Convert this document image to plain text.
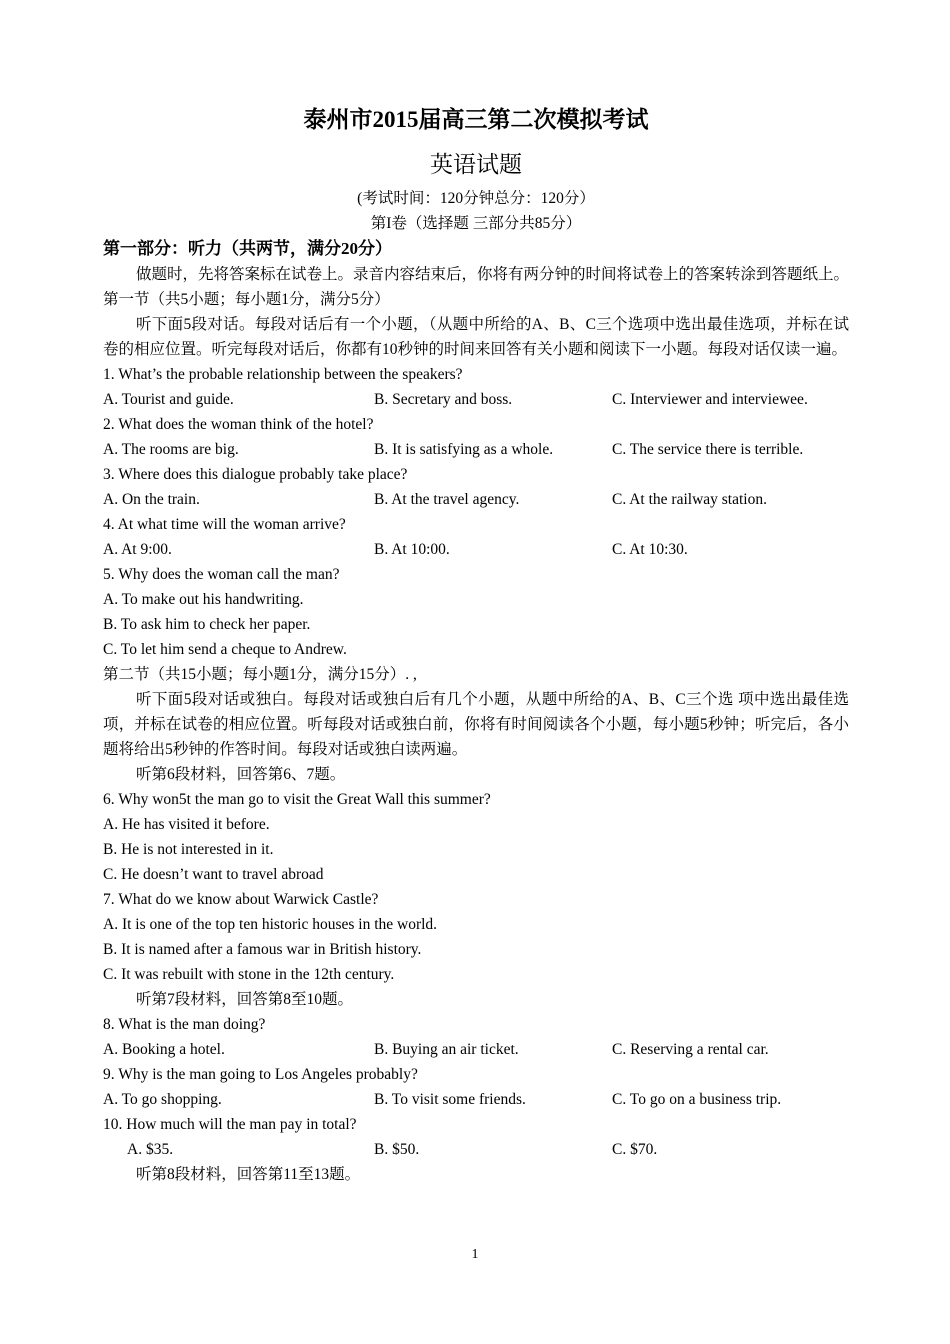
泰州市2015届高三第二次模拟考试
英语试题
(考试时间：120分钟总分：120分）
第I卷（选择题 三部分共85分）
第一部分：听力（共两节，满分20分）
做题时，先将答案标在试卷上。录音内容结束后，你将有两分钟的时间将试卷上的答案转涂到答题纸上。
第一节（共5小题；每小题1分，满分5分）
听下面5段对话。每段对话后有一个小题，（从题中所给的A、B、C三个选项中选出最佳选项，并标在试卷的相应位置。听完每段对话后，你都有10秒钟的时间来回答有关小题和阅读下一小题。每段对话仅读一遍。
1. What’s the probable relationship between the speakers?
A. Tourist and guide.	B. Secretary and boss.	C. Interviewer and interviewee.
2. What does the woman think of the hotel?
A. The rooms are big.	B. It is satisfying as a whole.	C. The service there is terrible.
3. Where does this dialogue probably take place?
A. On the train.	B. At the travel agency.	C. At the railway station.
4. At what time will the woman arrive?
A. At 9:00.	B. At 10:00.	C. At 10:30.
5. Why does the woman call the man?
A. To make out his handwriting.
B. To ask him to check her paper.
C. To let him send a cheque to Andrew.
第二节（共15小题；每小题1分，满分15分）. ,
听下面5段对话或独白。每段对话或独白后有几个小题，从题中所给的A、B、C三个选 项中选出最佳选项，并标在试卷的相应位置。听每段对话或独白前，你将有时间阅读各个小题，每小题5秒钟；听完后，各小题将给出5秒钟的作答时间。每段对话或独白读两遍。
听第6段材料，回答第6、7题。
6. Why won5t the man go to visit the Great Wall this summer?
A. He has visited it before.
B. He is not interested in it.
C. He doesn’t want to travel abroad
7. What do we know about Warwick Castle?
A. It is one of the top ten historic houses in the world.
B. It is named after a famous war in British history.
C. It was rebuilt with stone in the 12th century.
听第7段材料，回答第8至10题。
8. What is the man doing?
A. Booking a hotel.	B. Buying an air ticket.	C. Reserving a rental car.
9. Why is the man going to Los Angeles probably?
A. To go shopping.	B. To visit some friends.	C. To go on a business trip.
10. How much will the man pay in total?
A. $35.	B. $50.	C. $70.
听第8段材料，回答第11至13题。
1
